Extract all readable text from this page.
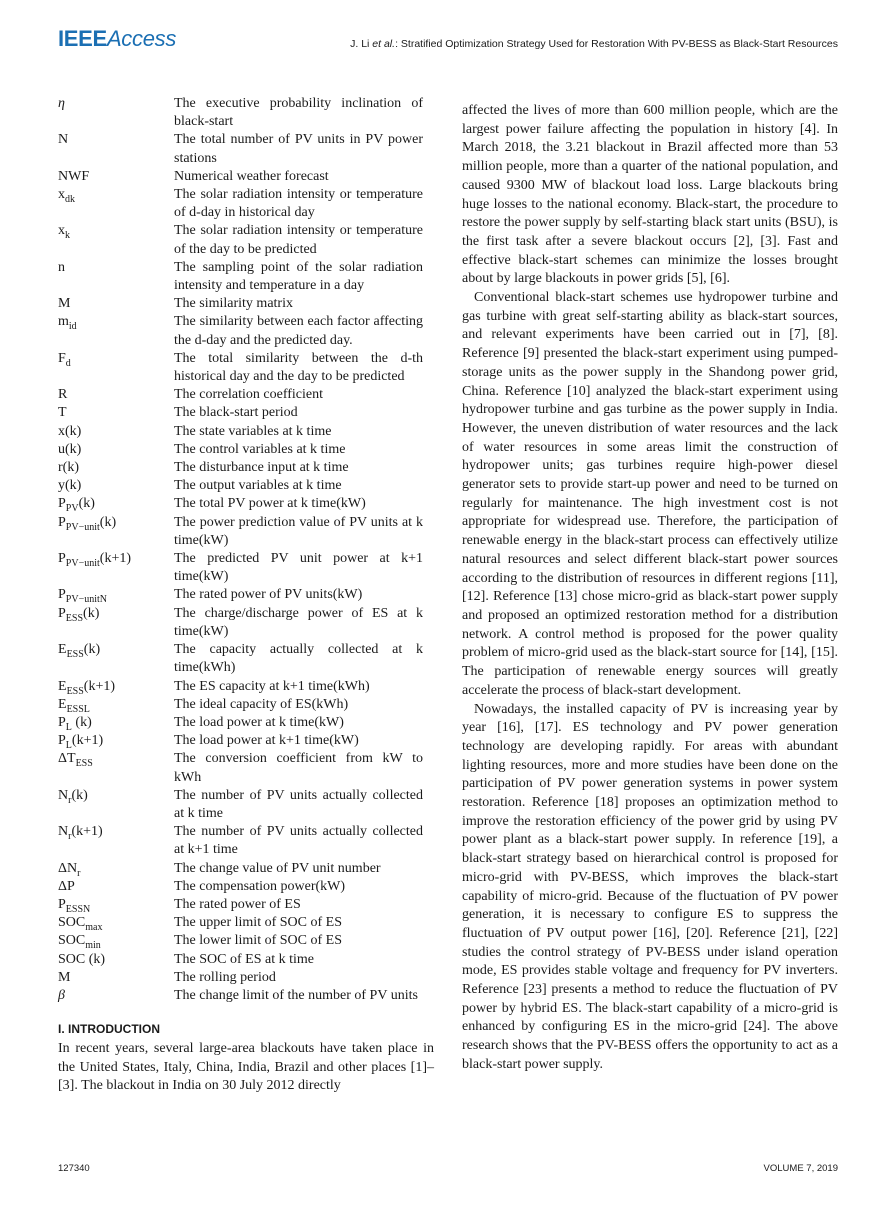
IEEEAccess	J. Li et al.: Stratified Optimization Strategy Used for Restoration With PV-BESS as Black-Start Resources
η	The executive probability inclination of black-start
N	The total number of PV units in PV power stations
NWF	Numerical weather forecast
$x_{dk}$	The solar radiation intensity or temperature of d-day in historical day
$x_k$	The solar radiation intensity or temperature of the day to be predicted
n	The sampling point of the solar radiation intensity and temperature in a day
M	The similarity matrix
$m_{id}$	The similarity between each factor affecting the d-day and the predicted day.
$F_d$	The total similarity between the d-th historical day and the day to be predicted
R	The correlation coefficient
T	The black-start period
x(k)	The state variables at k time
u(k)	The control variables at k time
r(k)	The disturbance input at k time
y(k)	The output variables at k time
$P_{PV}(k)$	The total PV power at k time(kW)
$P_{PV-unit}(k)$	The power prediction value of PV units at k time(kW)
$P_{PV-unit}(k+1)$	The predicted PV unit power at k+1 time(kW)
$P_{PV-unitN}$	The rated power of PV units(kW)
$P_{ESS}(k)$	The charge/discharge power of ES at k time(kW)
$E_{ESS}(k)$	The capacity actually collected at k time(kWh)
$E_{ESS}(k+1)$	The ES capacity at k+1 time(kWh)
$E_{ESSL}$	The ideal capacity of ES(kWh)
$P_L$ (k)	The load power at k time(kW)
$P_L(k+1)$	The load power at k+1 time(kW)
$\Delta T_{ESS}$	The conversion coefficient from kW to kWh
$N_r(k)$	The number of PV units actually collected at k time
$N_r(k+1)$	The number of PV units actually collected at k+1 time
$\Delta N_r$	The change value of PV unit number
ΔP	The compensation power(kW)
$P_{ESSN}$	The rated power of ES
$SOC_{max}$	The upper limit of SOC of ES
$SOC_{min}$	The lower limit of SOC of ES
SOC (k)	The SOC of ES at k time
M	The rolling period
β	The change limit of the number of PV units
I. INTRODUCTION

In recent years, several large-area blackouts have taken place in the United States, Italy, China, India, Brazil and other places [1]–[3]. The blackout in India on 30 July 2012 directly

affected the lives of more than 600 million people, which are the largest power failure affecting the population in history [4]. In March 2018, the 3.21 blackout in Brazil affected more than 53 million people, more than a quarter of the national population, and caused 9300 MW of blackout load loss. Large blackouts bring huge losses to the national economy. Black-start, the procedure to restore the power supply by self-starting black start units (BSU), is the first task after a severe blackout occurs [2], [3]. Fast and effective black-start schemes can minimize the losses brought about by large blackouts in power grids [5], [6].

Conventional black-start schemes use hydropower turbine and gas turbine with great self-starting ability as black-start sources, and relevant experiments have been carried out in [7], [8]. Reference [9] presented the black-start experiment using pumped-storage units as the power supply in the Shandong power grid, China. Reference [10] analyzed the black-start experiment using hydropower turbine and gas turbine as the power supply in India. However, the uneven distribution of water resources and the lack of water resources in some areas limit the construction of hydropower units; gas turbines require high-power diesel generator sets to provide start-up power and need to be turned on regularly for maintenance. The high investment cost is not appropriate for widespread use. Therefore, the participation of renewable energy in the black-start process can effectively utilize natural resources and select different black-start power sources according to the distribution of resources in different regions [11], [12]. Reference [13] chose micro-grid as black-start power supply and proposed an optimized restoration method for a distribution network. A control method is proposed for the power quality problem of micro-grid used as the black-start source for [14], [15]. The participation of renewable energy sources will greatly accelerate the process of black-start development.

Nowadays, the installed capacity of PV is increasing year by year [16], [17]. ES technology and PV power generation technology are developing rapidly. For areas with abundant lighting resources, more and more studies have been done on the participation of PV power generation systems in power system restoration. Reference [18] proposes an optimization method to improve the restoration efficiency of the power grid by using PV power plant as a black-start power supply. In reference [19], a black-start strategy based on hierarchical control is proposed for micro-grid with PV-BESS, which improves the black-start capability of micro-grid. Because of the fluctuation of PV power generation, it is necessary to configure ES to suppress the fluctuation of PV output power [16], [20]. Reference [21], [22] studies the control strategy of PV-BESS under island operation mode, ES provides stable voltage and frequency for PV inverters. Reference [23] presents a method to reduce the fluctuation of PV power by hybrid ES. The black-start capability of a micro-grid is enhanced by configuring ES in the micro-grid [24]. The above research shows that the PV-BESS offers the opportunity to act as a black-start power supply.

127340	VOLUME 7, 2019
